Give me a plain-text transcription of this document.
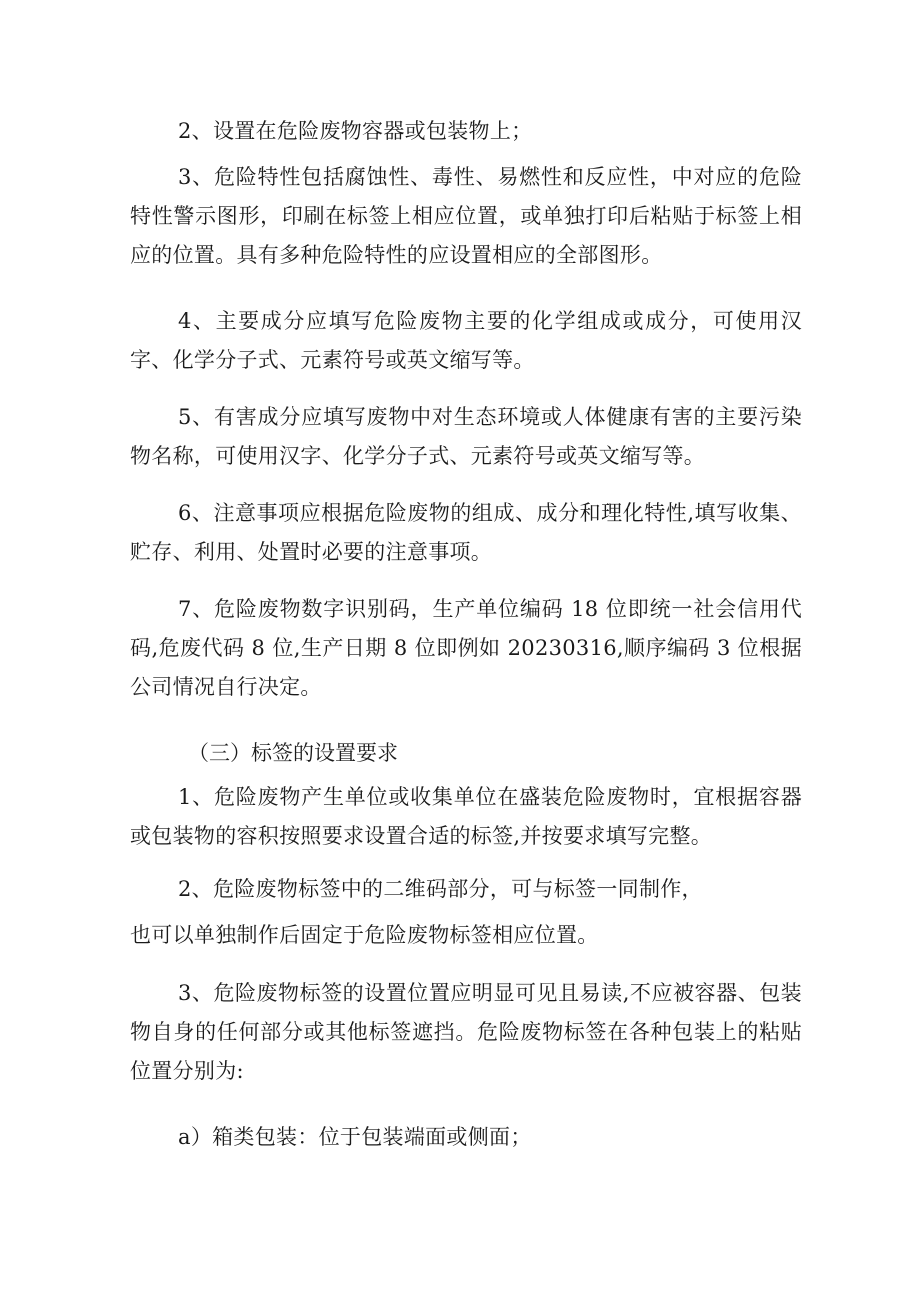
2、设置在危险废物容器或包装物上；

3、危险特性包括腐蚀性、毒性、易燃性和反应性，中对应的危险特性警示图形，印刷在标签上相应位置，或单独打印后粘贴于标签上相应的位置。具有多种危险特性的应设置相应的全部图形。

4、主要成分应填写危险废物主要的化学组成或成分，可使用汉字、化学分子式、元素符号或英文缩写等。

5、有害成分应填写废物中对生态环境或人体健康有害的主要污染物名称，可使用汉字、化学分子式、元素符号或英文缩写等。

6、注意事项应根据危险废物的组成、成分和理化特性,填写收集、贮存、利用、处置时必要的注意事项。

7、危险废物数字识别码，生产单位编码 18 位即统一社会信用代码,危废代码 8 位,生产日期 8 位即例如 20230316,顺序编码 3 位根据公司情况自行决定。

（三）标签的设置要求

1、危险废物产生单位或收集单位在盛装危险废物时，宜根据容器或包装物的容积按照要求设置合适的标签,并按要求填写完整。

2、危险废物标签中的二维码部分，可与标签一同制作，

也可以单独制作后固定于危险废物标签相应位置。

3、危险废物标签的设置位置应明显可见且易读,不应被容器、包装物自身的任何部分或其他标签遮挡。危险废物标签在各种包装上的粘贴位置分别为:

a）箱类包装：位于包装端面或侧面；
